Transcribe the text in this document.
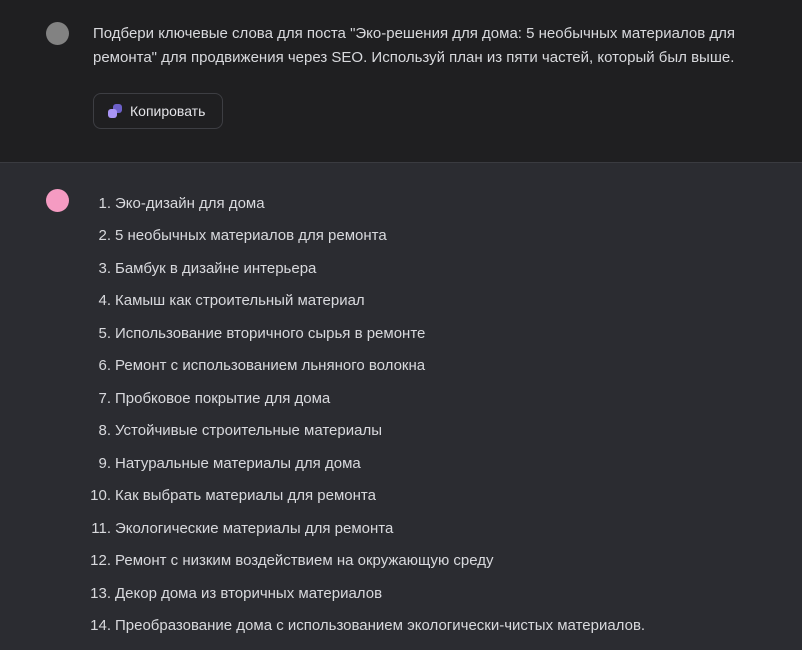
Подбери ключевые слова для поста "Эко-решения для дома: 5 необычных материалов для ремонта" для продвижения через SEO. Используй план из пяти частей, который был выше.
Копировать
1. Эко-дизайн для дома
2. 5 необычных материалов для ремонта
3. Бамбук в дизайне интерьера
4. Камыш как строительный материал
5. Использование вторичного сырья в ремонте
6. Ремонт с использованием льняного волокна
7. Пробковое покрытие для дома
8. Устойчивые строительные материалы
9. Натуральные материалы для дома
10. Как выбрать материалы для ремонта
11. Экологические материалы для ремонта
12. Ремонт с низким воздействием на окружающую среду
13. Декор дома из вторичных материалов
14. Преобразование дома с использованием экологически-чистых материалов.
